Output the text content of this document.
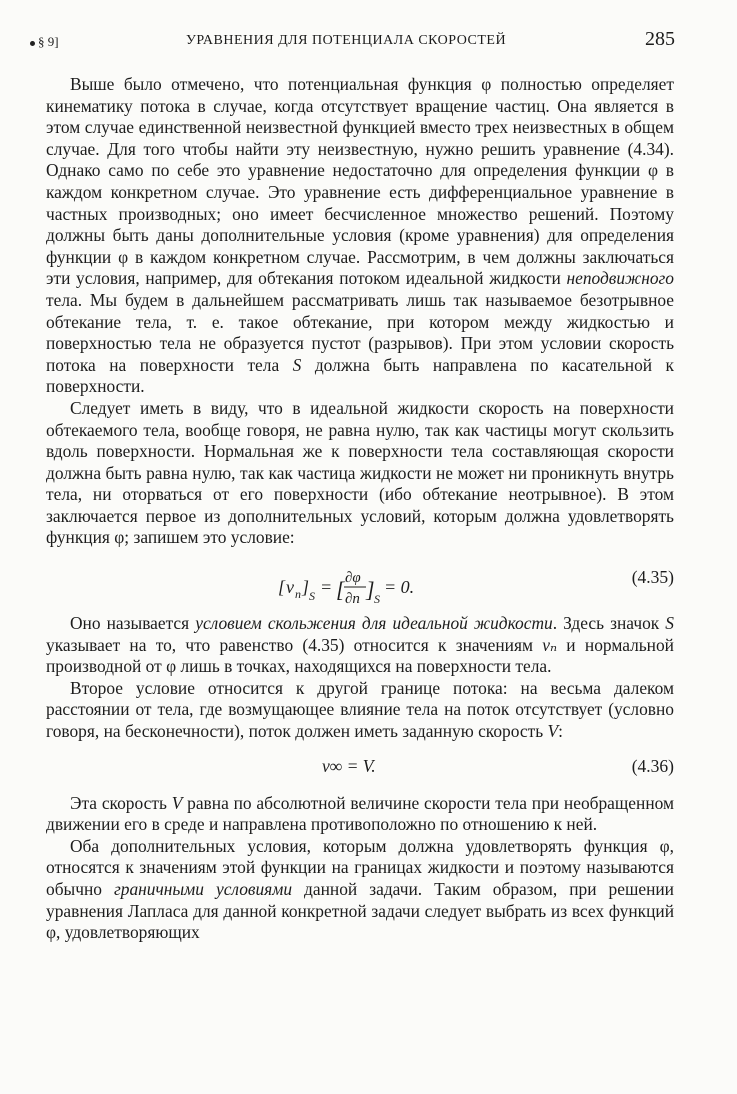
§ 9]	УРАВНЕНИЯ ДЛЯ ПОТЕНЦИАЛА СКОРОСТЕЙ	285

Выше было отмечено, что потенциальная функция φ полностью определяет кинематику потока в случае, когда отсутствует вращение частиц. Она является в этом случае единственной неизвестной функцией вместо трех неизвестных в общем случае. Для того чтобы найти эту неизвестную, нужно решить уравнение (4.34). Однако само по себе это уравнение недостаточно для определения функции φ в каждом конкретном случае. Это уравнение есть дифференциальное уравнение в частных производных; оно имеет бесчисленное множество решений. Поэтому должны быть даны дополнительные условия (кроме уравнения) для определения функции φ в каждом конкретном случае. Рассмотрим, в чем должны заключаться эти условия, например, для обтекания потоком идеальной жидкости неподвижного тела. Мы будем в дальнейшем рассматривать лишь так называемое безотрывное обтекание тела, т. е. такое обтекание, при котором между жидкостью и поверхностью тела не образуется пустот (разрывов). При этом условии скорость потока на поверхности тела S должна быть направлена по касательной к поверхности.

Следует иметь в виду, что в идеальной жидкости скорость на поверхности обтекаемого тела, вообще говоря, не равна нулю, так как частицы могут скользить вдоль поверхности. Нормальная же к поверхности тела составляющая скорости должна быть равна нулю, так как частица жидкости не может ни проникнуть внутрь тела, ни оторваться от его поверхности (ибо обтекание неотрывное). В этом заключается первое из дополнительных условий, которым должна удовлетворять функция φ; запишем это условие:

[ v n ] S = [ ∂φ
∂n ] S
= 0.	(4.35)

Оно называется условием скольжения для идеальной жидкости. Здесь значок S указывает на то, что равенство (4.35) относится к значениям vₙ и нормальной производной от φ лишь в точках, находящихся на поверхности тела.

Второе условие относится к другой границе потока: на весьма далеком расстоянии от тела, где возмущающее влияние тела на поток отсутствует (условно говоря, на бесконечности), поток должен иметь заданную скорость V:

v∞ = V.	(4.36)

Эта скорость V равна по абсолютной величине скорости тела при необращенном движении его в среде и направлена противоположно по отношению к ней.

Оба дополнительных условия, которым должна удовлетворять функция φ, относятся к значениям этой функции на границах жидкости и поэтому называются обычно граничными условиями данной задачи. Таким образом, при решении уравнения Лапласа для данной конкретной задачи следует выбрать из всех функций φ, удовлетворяющих
